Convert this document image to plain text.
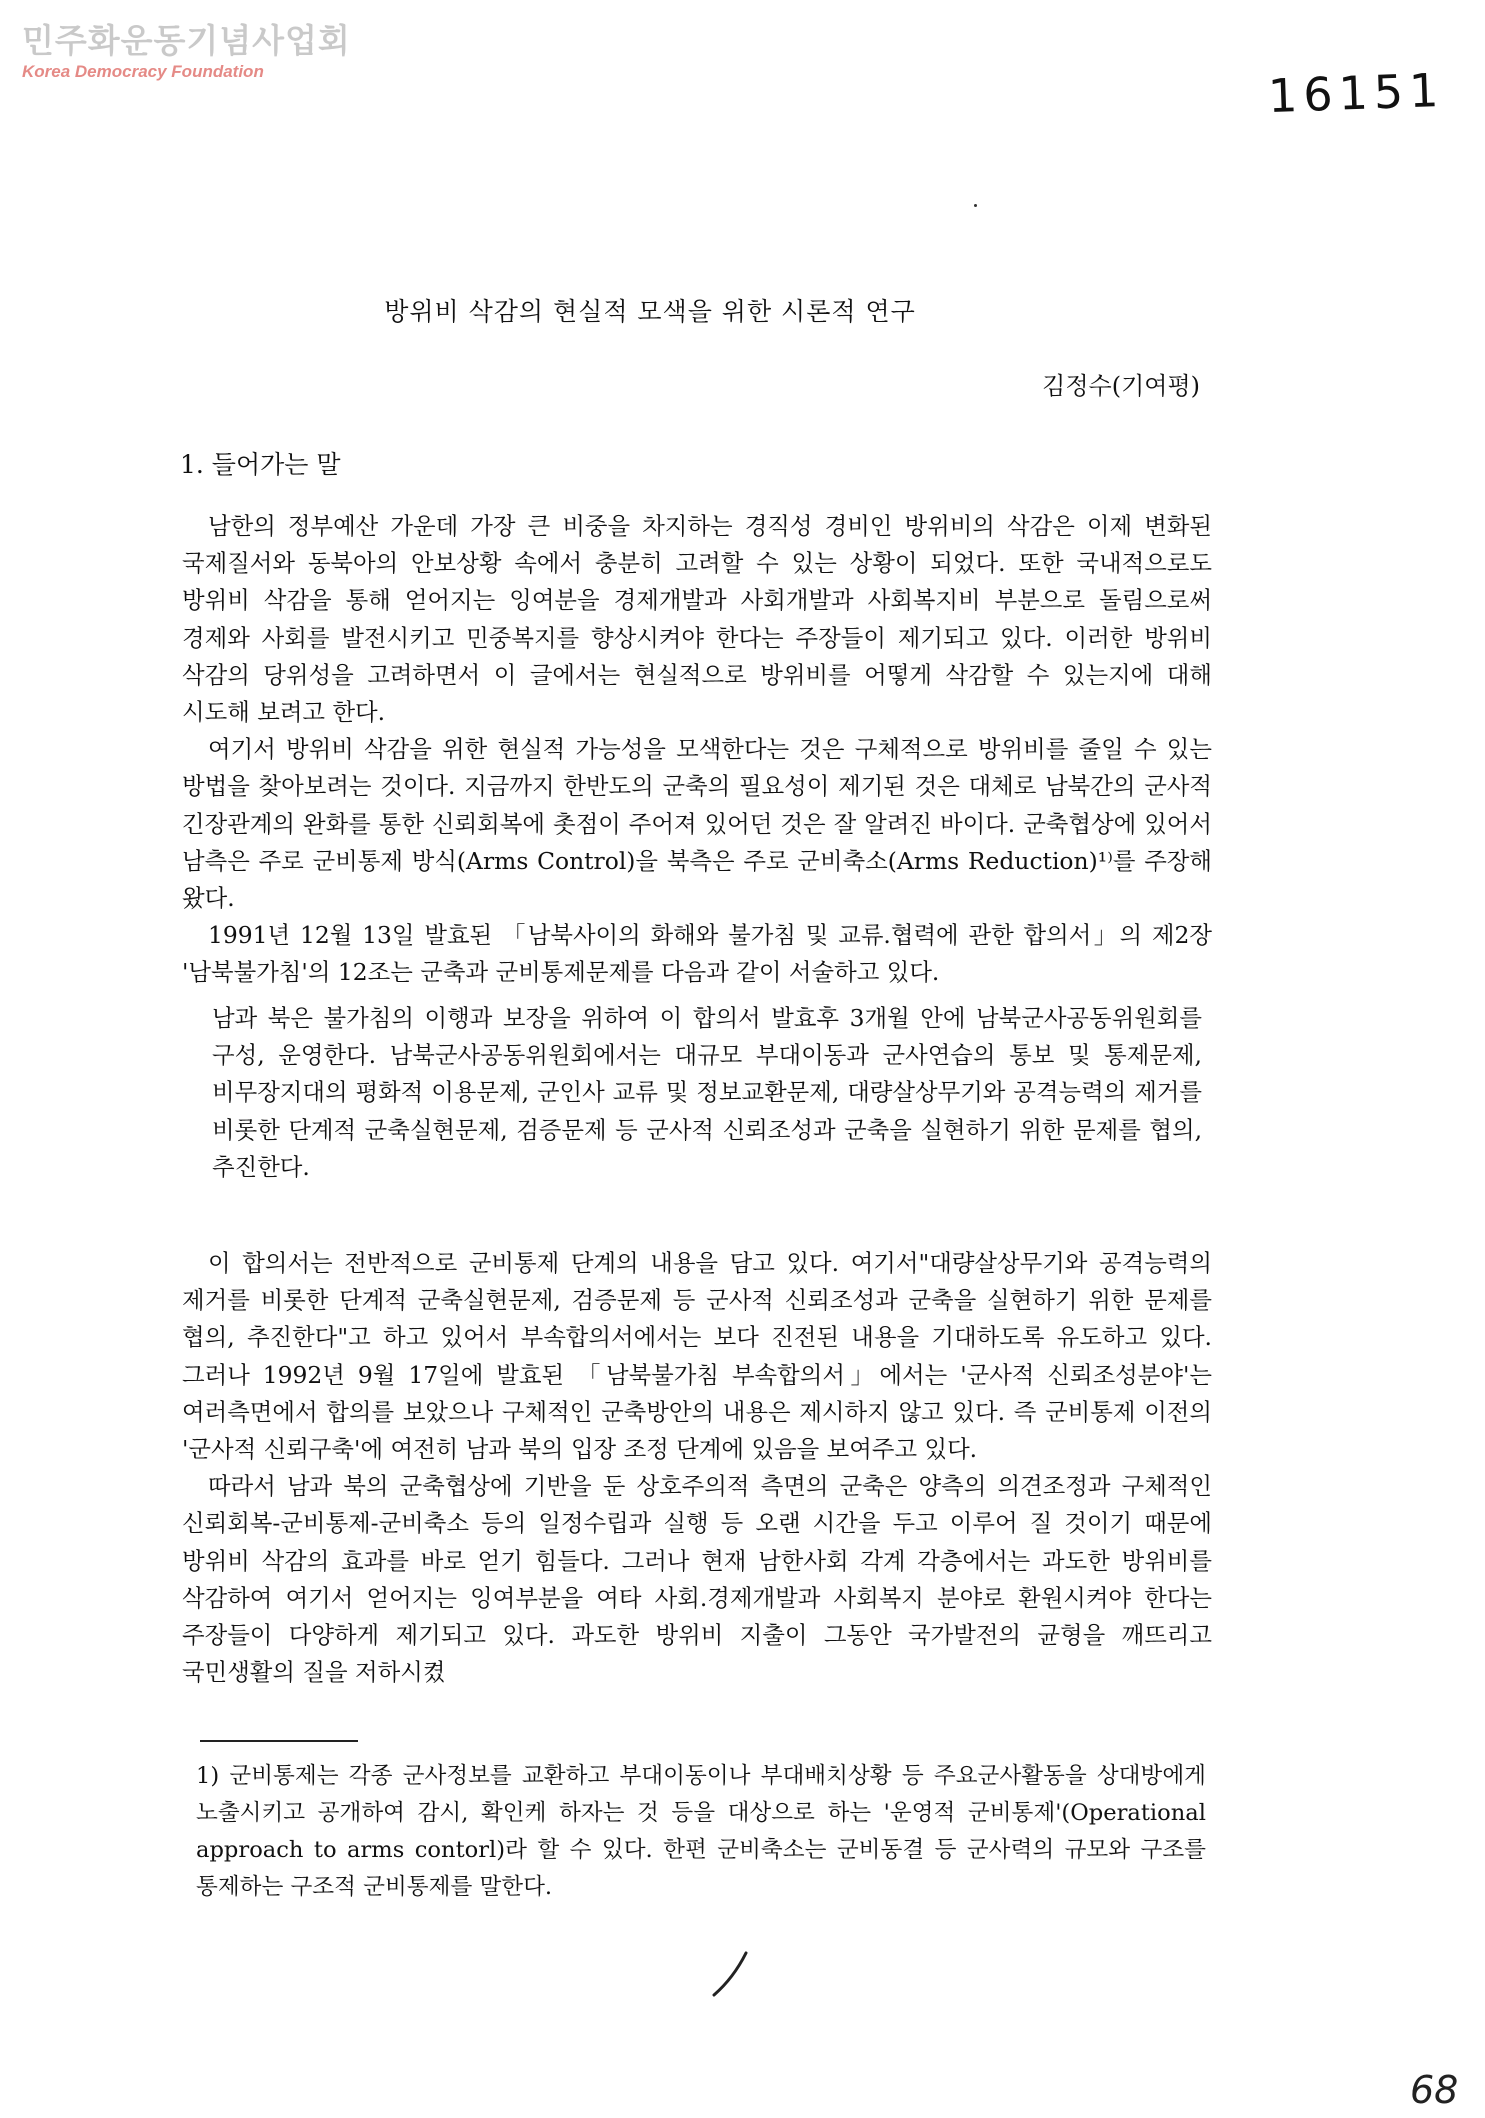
민주화운동기념사업회
Korea Democracy Foundation	16151
방위비 삭감의 현실적 모색을 위한 시론적 연구
김정수(기여평)
1. 들어가는 말

남한의 정부예산 가운데 가장 큰 비중을 차지하는 경직성 경비인 방위비의 삭감은 이제 변화된 국제질서와 동북아의 안보상황 속에서 충분히 고려할 수 있는 상황이 되었다. 또한 국내적으로도 방위비 삭감을 통해 얻어지는 잉여분을 경제개발과 사회개발과 사회복지비 부분으로 돌림으로써 경제와 사회를 발전시키고 민중복지를 향상시켜야 한다는 주장들이 제기되고 있다. 이러한 방위비 삭감의 당위성을 고려하면서 이 글에서는 현실적으로 방위비를 어떻게 삭감할 수 있는지에 대해 시도해 보려고 한다.

여기서 방위비 삭감을 위한 현실적 가능성을 모색한다는 것은 구체적으로 방위비를 줄일 수 있는 방법을 찾아보려는 것이다. 지금까지 한반도의 군축의 필요성이 제기된 것은 대체로 남북간의 군사적 긴장관계의 완화를 통한 신뢰회복에 촛점이 주어져 있어던 것은 잘 알려진 바이다. 군축협상에 있어서 남측은 주로 군비통제 방식(Arms Control)을 북측은 주로 군비축소(Arms Reduction)¹⁾를 주장해 왔다.

1991년 12월 13일 발효된 「남북사이의 화해와 불가침 및 교류.협력에 관한 합의서」의 제2장 '남북불가침'의 12조는 군축과 군비통제문제를 다음과 같이 서술하고 있다.

남과 북은 불가침의 이행과 보장을 위하여 이 합의서 발효후 3개월 안에 남북군사공동위원회를 구성, 운영한다. 남북군사공동위원회에서는 대규모 부대이동과 군사연습의 통보 및 통제문제, 비무장지대의 평화적 이용문제, 군인사 교류 및 정보교환문제, 대량살상무기와 공격능력의 제거를 비롯한 단계적 군축실현문제, 검증문제 등 군사적 신뢰조성과 군축을 실현하기 위한 문제를 협의, 추진한다.

이 합의서는 전반적으로 군비통제 단계의 내용을 담고 있다. 여기서"대량살상무기와 공격능력의 제거를 비롯한 단계적 군축실현문제, 검증문제 등 군사적 신뢰조성과 군축을 실현하기 위한 문제를 협의, 추진한다"고 하고 있어서 부속합의서에서는 보다 진전된 내용을 기대하도록 유도하고 있다. 그러나 1992년 9월 17일에 발효된 「남북불가침 부속합의서」에서는 '군사적 신뢰조성분야'는 여러측면에서 합의를 보았으나 구체적인 군축방안의 내용은 제시하지 않고 있다. 즉 군비통제 이전의 '군사적 신뢰구축'에 여전히 남과 북의 입장 조정 단계에 있음을 보여주고 있다.

따라서 남과 북의 군축협상에 기반을 둔 상호주의적 측면의 군축은 양측의 의견조정과 구체적인 신뢰회복-군비통제-군비축소 등의 일정수립과 실행 등 오랜 시간을 두고 이루어 질 것이기 때문에 방위비 삭감의 효과를 바로 얻기 힘들다. 그러나 현재 남한사회 각계 각층에서는 과도한 방위비를 삭감하여 여기서 얻어지는 잉여부분을 여타 사회.경제개발과 사회복지 분야로 환원시켜야 한다는 주장들이 다양하게 제기되고 있다. 과도한 방위비 지출이 그동안 국가발전의 균형을 깨뜨리고 국민생활의 질을 저하시켰

1) 군비통제는 각종 군사정보를 교환하고 부대이동이나 부대배치상황 등 주요군사활동을 상대방에게 노출시키고 공개하여 감시, 확인케 하자는 것 등을 대상으로 하는 '운영적 군비통제'(Operational approach to arms contorl)라 할 수 있다. 한편 군비축소는 군비동결 등 군사력의 규모와 구조를 통제하는 구조적 군비통제를 말한다.

68
